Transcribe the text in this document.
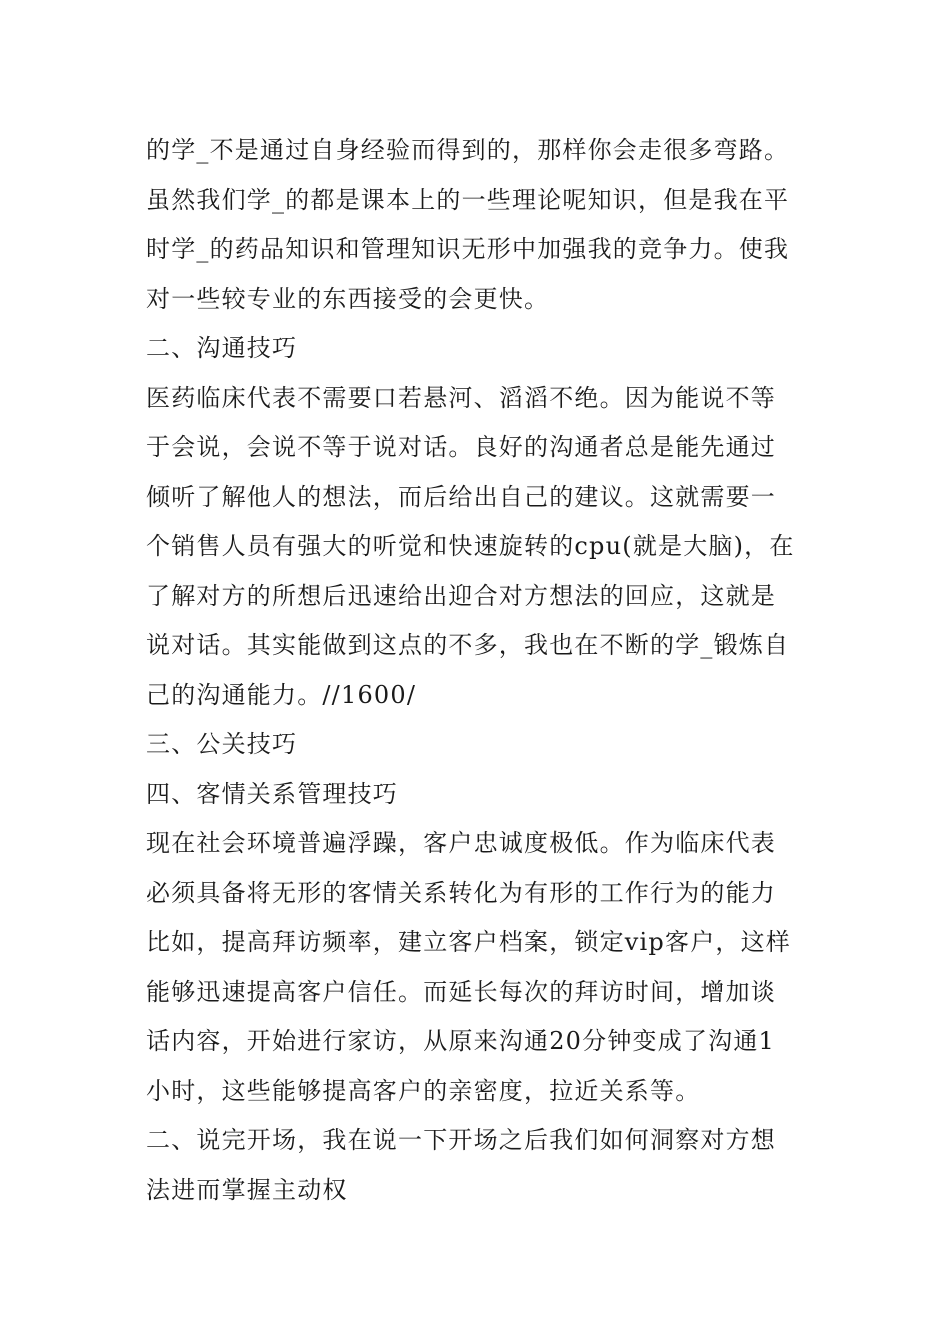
的学_不是通过自身经验而得到的，那样你会走很多弯路。
虽然我们学_的都是课本上的一些理论呢知识，但是我在平
时学_的药品知识和管理知识无形中加强我的竞争力。使我
对一些较专业的东西接受的会更快。
二、沟通技巧
医药临床代表不需要口若悬河、滔滔不绝。因为能说不等
于会说，会说不等于说对话。良好的沟通者总是能先通过
倾听了解他人的想法，而后给出自己的建议。这就需要一
个销售人员有强大的听觉和快速旋转的cpu(就是大脑)，在
了解对方的所想后迅速给出迎合对方想法的回应，这就是
说对话。其实能做到这点的不多，我也在不断的学_锻炼自
己的沟通能力。//1600/
三、公关技巧
四、客情关系管理技巧
现在社会环境普遍浮躁，客户忠诚度极低。作为临床代表
必须具备将无形的客情关系转化为有形的工作行为的能力
比如，提高拜访频率，建立客户档案，锁定vip客户，这样
能够迅速提高客户信任。而延长每次的拜访时间，增加谈
话内容，开始进行家访，从原来沟通20分钟变成了沟通1
小时，这些能够提高客户的亲密度，拉近关系等。
二、说完开场，我在说一下开场之后我们如何洞察对方想
法进而掌握主动权
